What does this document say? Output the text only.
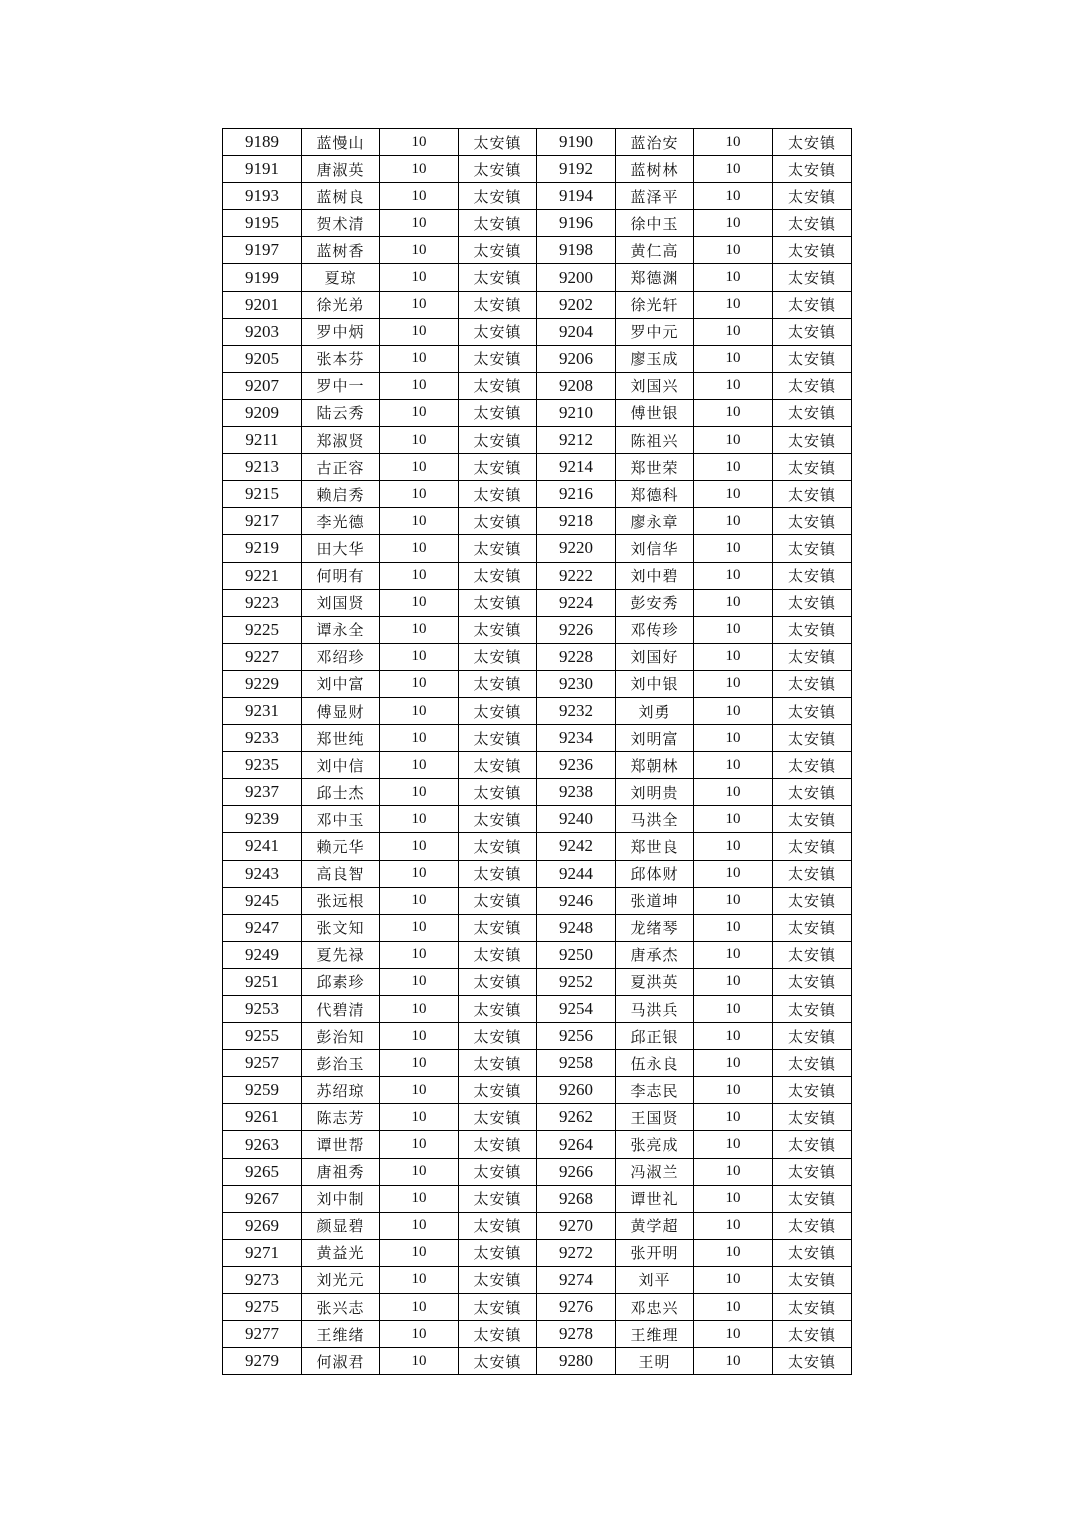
9189	蓝慢山	10	太安镇	9190	蓝治安	10	太安镇
9191	唐淑英	10	太安镇	9192	蓝树林	10	太安镇
9193	蓝树良	10	太安镇	9194	蓝泽平	10	太安镇
9195	贺术清	10	太安镇	9196	徐中玉	10	太安镇
9197	蓝树香	10	太安镇	9198	黄仁高	10	太安镇
9199	夏琼	10	太安镇	9200	郑德渊	10	太安镇
9201	徐光弟	10	太安镇	9202	徐光轩	10	太安镇
9203	罗中炳	10	太安镇	9204	罗中元	10	太安镇
9205	张本芬	10	太安镇	9206	廖玉成	10	太安镇
9207	罗中一	10	太安镇	9208	刘国兴	10	太安镇
9209	陆云秀	10	太安镇	9210	傅世银	10	太安镇
9211	郑淑贤	10	太安镇	9212	陈祖兴	10	太安镇
9213	古正容	10	太安镇	9214	郑世荣	10	太安镇
9215	赖启秀	10	太安镇	9216	郑德科	10	太安镇
9217	李光德	10	太安镇	9218	廖永章	10	太安镇
9219	田大华	10	太安镇	9220	刘信华	10	太安镇
9221	何明有	10	太安镇	9222	刘中碧	10	太安镇
9223	刘国贤	10	太安镇	9224	彭安秀	10	太安镇
9225	谭永全	10	太安镇	9226	邓传珍	10	太安镇
9227	邓绍珍	10	太安镇	9228	刘国好	10	太安镇
9229	刘中富	10	太安镇	9230	刘中银	10	太安镇
9231	傅显财	10	太安镇	9232	刘勇	10	太安镇
9233	郑世纯	10	太安镇	9234	刘明富	10	太安镇
9235	刘中信	10	太安镇	9236	郑朝林	10	太安镇
9237	邱士杰	10	太安镇	9238	刘明贵	10	太安镇
9239	邓中玉	10	太安镇	9240	马洪全	10	太安镇
9241	赖元华	10	太安镇	9242	郑世良	10	太安镇
9243	高良智	10	太安镇	9244	邱体财	10	太安镇
9245	张远根	10	太安镇	9246	张道坤	10	太安镇
9247	张文知	10	太安镇	9248	龙绪琴	10	太安镇
9249	夏先禄	10	太安镇	9250	唐承杰	10	太安镇
9251	邱素珍	10	太安镇	9252	夏洪英	10	太安镇
9253	代碧清	10	太安镇	9254	马洪兵	10	太安镇
9255	彭治知	10	太安镇	9256	邱正银	10	太安镇
9257	彭治玉	10	太安镇	9258	伍永良	10	太安镇
9259	苏绍琼	10	太安镇	9260	李志民	10	太安镇
9261	陈志芳	10	太安镇	9262	王国贤	10	太安镇
9263	谭世帮	10	太安镇	9264	张亮成	10	太安镇
9265	唐祖秀	10	太安镇	9266	冯淑兰	10	太安镇
9267	刘中制	10	太安镇	9268	谭世礼	10	太安镇
9269	颜显碧	10	太安镇	9270	黄学超	10	太安镇
9271	黄益光	10	太安镇	9272	张开明	10	太安镇
9273	刘光元	10	太安镇	9274	刘平	10	太安镇
9275	张兴志	10	太安镇	9276	邓忠兴	10	太安镇
9277	王维绪	10	太安镇	9278	王维理	10	太安镇
9279	何淑君	10	太安镇	9280	王明	10	太安镇
